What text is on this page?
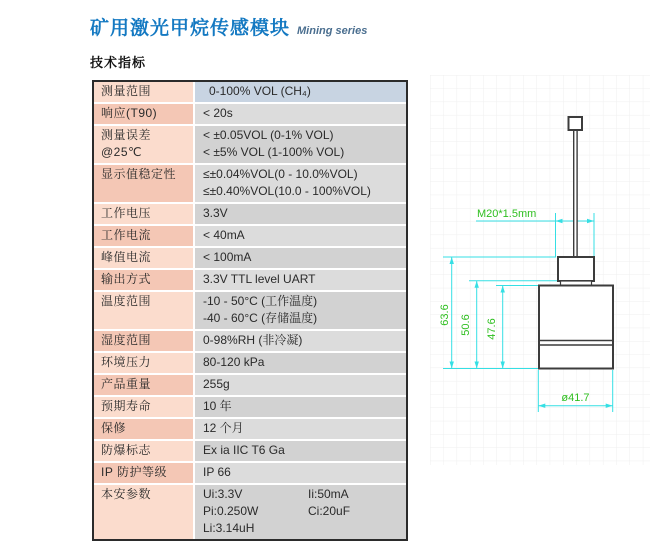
矿用激光甲烷传感模块 Mining series
技术指标
测量范围	0-100% VOL (CH₄)
响应(T90)	< 20s
测量误差@25℃
< ±0.05VOL (0-1% VOL)
< ±5% VOL (1-100% VOL)
显示值稳定性	≤±0.04%VOL(0 - 10.0%VOL)
≤±0.40%VOL(10.0 - 100%VOL)
工作电压	3.3V
工作电流	< 40mA
峰值电流	< 100mA
输出方式	3.3V TTL level UART
温度范围	-10 - 50°C (工作温度)
-40 - 60°C (存储温度)
湿度范围	0-98%RH (非冷凝)
环境压力	80-120 kPa
产品重量	255g
预期寿命	10 年
保修	12 个月
防爆标志	Ex ia IIC T6 Ga
IP 防护等级	IP 66
本安参数	Ui:3.3V	Ii:50mA
Pi:0.250W	Ci:20uF
Li:3.14uH
M20*1.5mm
63.6 50.6 47.6
ø41.7
